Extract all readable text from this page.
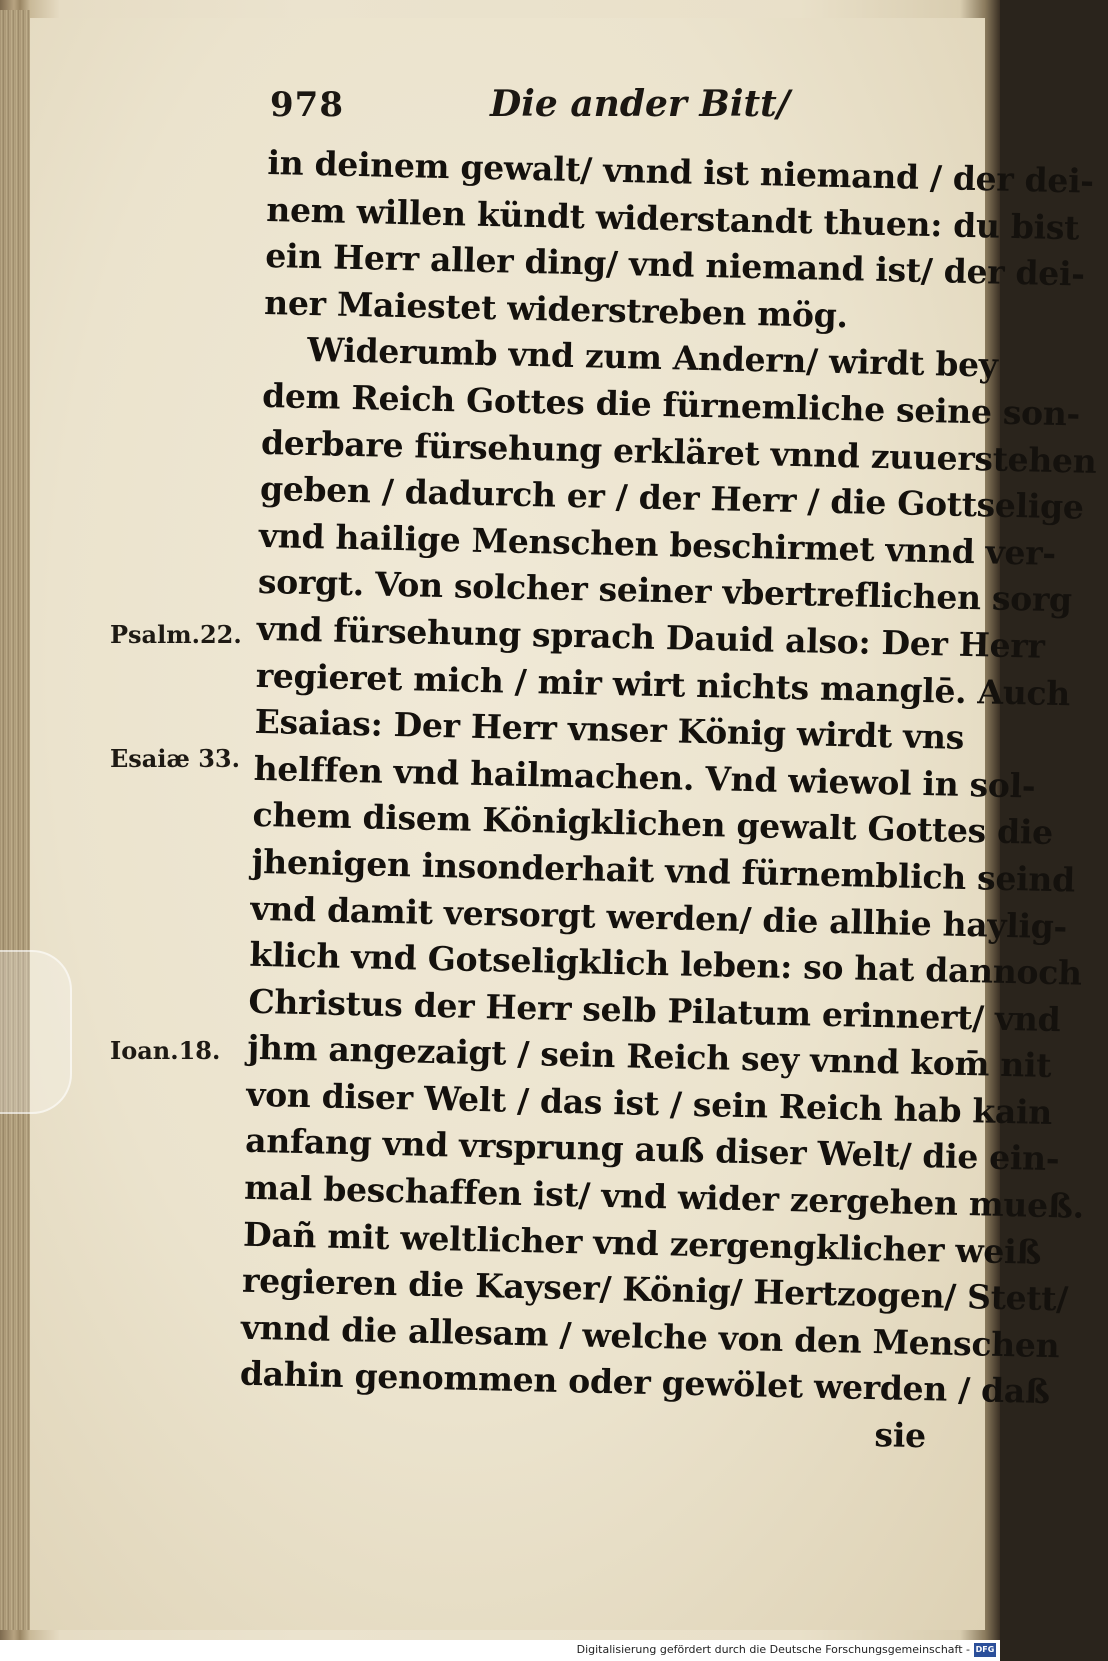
978	Die ander Bitt/
in deinem gewalt/ vnnd ist niemand / der dei-
nem willen kündt widerstandt thuen: du bist
ein Herr aller ding/ vnd niemand ist/ der dei-
ner Maiestet widerstreben mög.
Widerumb vnd zum Andern/ wirdt bey
dem Reich Gottes die fürnemliche seine son-
derbare fürsehung erkläret vnnd zuuerstehen
geben / dadurch er / der Herr / die Gottselige
vnd hailige Menschen beschirmet vnnd ver-
sorgt. Von solcher seiner vbertreflichen sorg
vnd fürsehung sprach Dauid also: Der Herr
regieret mich / mir wirt nichts manglē. Auch
Esaias: Der Herr vnser König wirdt vns
helffen vnd hailmachen. Vnd wiewol in sol-
chem disem Königklichen gewalt Gottes die
jhenigen insonderhait vnd fürnemblich seind
vnd damit versorgt werden/ die allhie haylig-
klich vnd Gotseligklich leben: so hat dannoch
Christus der Herr selb Pilatum erinnert/ vnd
jhm angezaigt / sein Reich sey vnnd kom̄ nit
von diser Welt / das ist / sein Reich hab kain
anfang vnd vrsprung auß diser Welt/ die ein-
mal beschaffen ist/ vnd wider zergehen mueß.
Dañ mit weltlicher vnd zergengklicher weiß
regieren die Kayser/ König/ Hertzogen/ Stett/
vnnd die allesam / welche von den Menschen
dahin genommen oder gewölet werden / daß
sie
Psalm.22.
Esaiæ 33.
Ioan.18.
Digitalisierung gefördert durch die Deutsche Forschungsgemeinschaft - DFG
